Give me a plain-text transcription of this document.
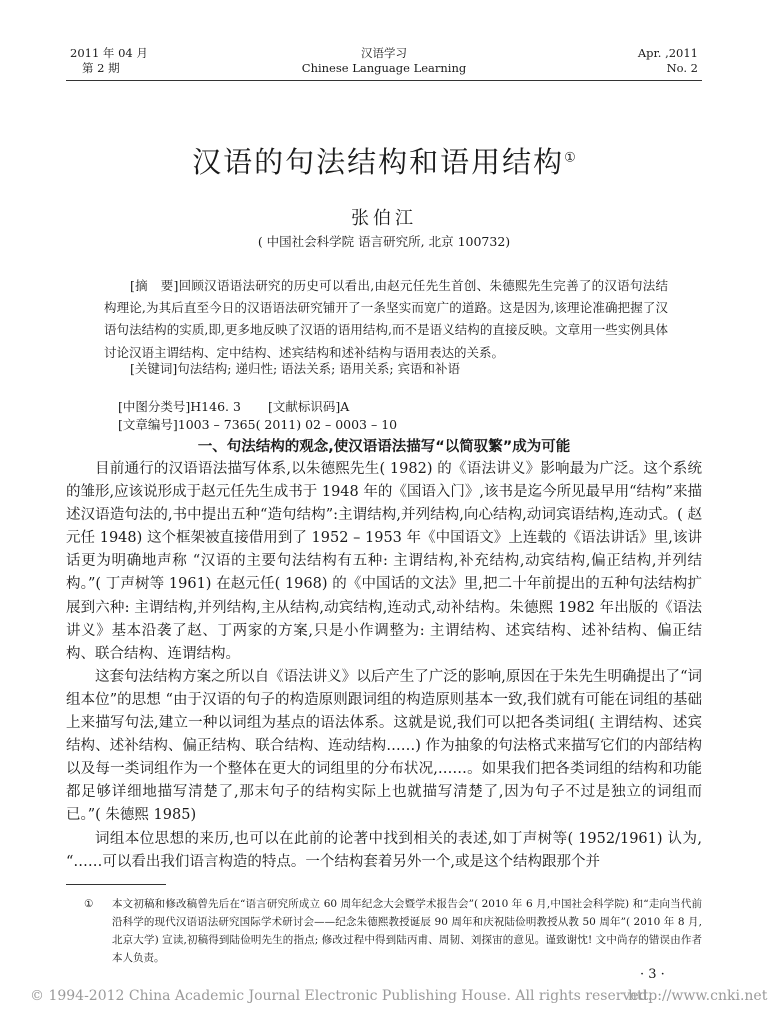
2011 年 04 月
第 2 期
汉语学习
Chinese Language Learning
Apr. ,2011
No. 2
汉语的句法结构和语用结构①
张伯江
( 中国社会科学院 语言研究所, 北京 100732)

[摘　要]回顾汉语语法研究的历史可以看出,由赵元任先生首创、朱德熙先生完善了的汉语句法结构理论,为其后直至今日的汉语语法研究铺开了一条坚实而宽广的道路。这是因为,该理论准确把握了汉语句法结构的实质,即,更多地反映了汉语的语用结构,而不是语义结构的直接反映。文章用一些实例具体讨论汉语主谓结构、定中结构、述宾结构和述补结构与语用表达的关系。

[关键词]句法结构; 递归性; 语法关系; 语用关系; 宾语和补语
[中图分类号]H146. 3 [文献标识码]A[文章编号]1003 – 7365( 2011) 02 – 0003 – 10
一、句法结构的观念,使汉语语法描写“以简驭繁”成为可能

目前通行的汉语语法描写体系,以朱德熙先生( 1982) 的《语法讲义》影响最为广泛。这个系统的雏形,应该说形成于赵元任先生成书于 1948 年的《国语入门》,该书是迄今所见最早用“结构”来描述汉语造句法的,书中提出五种“造句结构”:主谓结构,并列结构,向心结构,动词宾语结构,连动式。( 赵元任 1948) 这个框架被直接借用到了 1952 – 1953 年《中国语文》上连载的《语法讲话》里,该讲话更为明确地声称 “汉语的主要句法结构有五种: 主谓结构,补充结构,动宾结构,偏正结构,并列结构。”( 丁声树等 1961) 在赵元任( 1968) 的《中国话的文法》里,把二十年前提出的五种句法结构扩展到六种: 主谓结构,并列结构,主从结构,动宾结构,连动式,动补结构。朱德熙 1982 年出版的《语法讲义》基本沿袭了赵、丁两家的方案,只是小作调整为: 主谓结构、述宾结构、述补结构、偏正结构、联合结构、连谓结构。

这套句法结构方案之所以自《语法讲义》以后产生了广泛的影响,原因在于朱先生明确提出了“词组本位”的思想 “由于汉语的句子的构造原则跟词组的构造原则基本一致,我们就有可能在词组的基础上来描写句法,建立一种以词组为基点的语法体系。这就是说,我们可以把各类词组( 主谓结构、述宾结构、述补结构、偏正结构、联合结构、连动结构……) 作为抽象的句法格式来描写它们的内部结构以及每一类词组作为一个整体在更大的词组里的分布状况,……。如果我们把各类词组的结构和功能都足够详细地描写清楚了,那末句子的结构实际上也就描写清楚了,因为句子不过是独立的词组而已。”( 朱德熙 1985)

词组本位思想的来历,也可以在此前的论著中找到相关的表述,如丁声树等( 1952/1961) 认为, “……可以看出我们语言构造的特点。一个结构套着另外一个,或是这个结构跟那个并

① 本文初稿和修改稿曾先后在“语言研究所成立 60 周年纪念大会暨学术报告会”( 2010 年 6 月,中国社会科学院) 和“走向当代前沿科学的现代汉语语法研究国际学术研讨会——纪念朱德熙教授诞辰 90 周年和庆祝陆俭明教授从教 50 周年”( 2010 年 8 月,北京大学) 宣读,初稿得到陆俭明先生的指点; 修改过程中得到陆丙甫、周韧、刘探宙的意见。谨致谢忱! 文中尚存的错误由作者本人负责。
· 3 ·
© 1994-2012 China Academic Journal Electronic Publishing House. All rights reserved.
http://www.cnki.net
